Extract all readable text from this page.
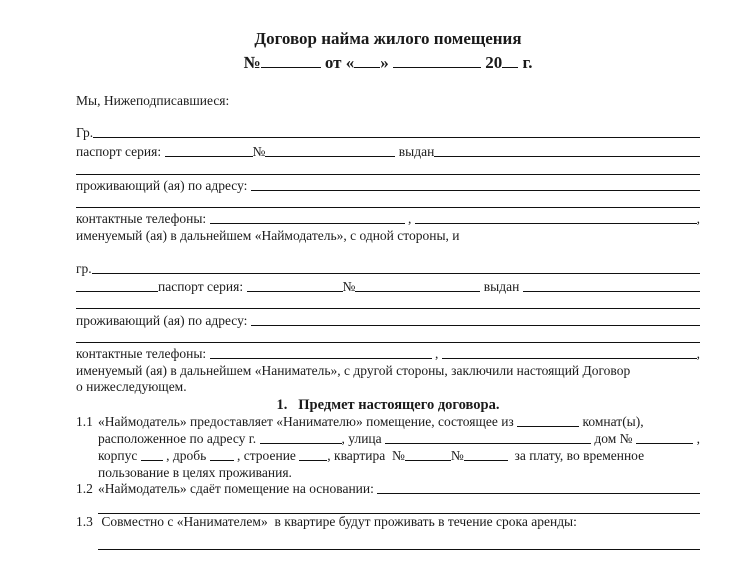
Договор найма жилого помещения
№	от « »	20 г.
Мы, Нижеподписавшиеся:
Гр.
паспорт серия:	№	выдан
проживающий (ая) по адресу:
контактные телефоны:	,	,
именуемый (ая) в дальнейшем «Наймодатель», с одной стороны, и
гр.
паспорт серия:	№	выдан
проживающий (ая) по адресу:
контактные телефоны:	,	,
именуемый (ая) в дальнейшем «Наниматель», с другой стороны, заключили настоящий Договор
о нижеследующем.
1.   Предмет настоящего договора.
1.1 «Наймодатель» предоставляет «Нанимателю» помещение, состоящее из	комнат(ы),
расположенное по адресу г.	, улица	дом №	,
корпус , дробь , строение , квартира  №	№	за плату, во временное
пользование в целях проживания.
1.2 «Наймодатель» сдаёт помещение на основании:
1.3 Совместно с «Нанимателем»  в квартире будут проживать в течение срока аренды:
